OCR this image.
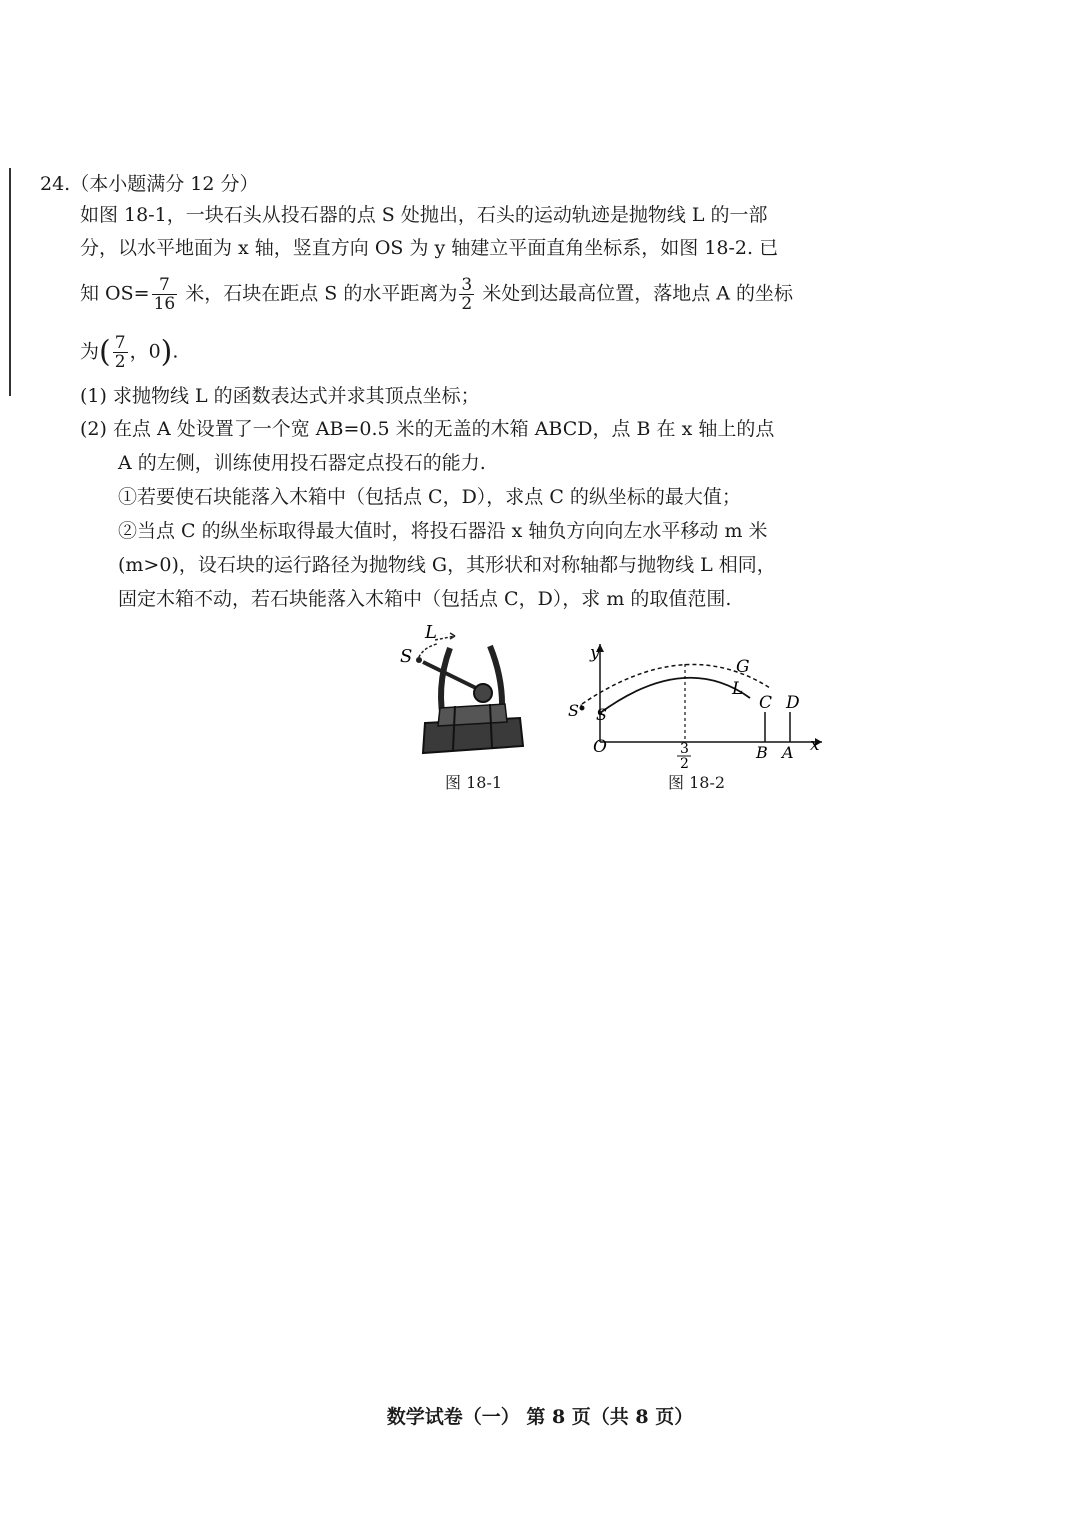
24.（本小题满分 12 分）
如图 18-1，一块石头从投石器的点 S 处抛出，石头的运动轨迹是抛物线 L 的一部
分，以水平地面为 x 轴，竖直方向 OS 为 y 轴建立平面直角坐标系，如图 18-2. 已
知 $OS= \frac{7}{16}$ 米，石块在距点 S 的水平距离为 $\frac{3}{2}$ 米处到达最高位置，落地点 A 的坐标
为( $\frac{7}{2}$ ，0).
(1) 求抛物线 L 的函数表达式并求其顶点坐标；
(2) 在点 A 处设置了一个宽 AB=0.5 米的无盖的木箱 ABCD，点 B 在 x 轴上的点
A 的左侧，训练使用投石器定点投石的能力.
①若要使石块能落入木箱中（包括点 C，D），求点 C 的纵坐标的最大值；
②当点 C 的纵坐标取得最大值时，将投石器沿 x 轴负方向向左水平移动 m 米
(m>0)，设石块的运行路径为抛物线 G，其形状和对称轴都与抛物线 L 相同，
固定木箱不动，若石块能落入木箱中（包括点 C，D），求 m 的取值范围.
L
S
图 18-1
y
x
O
S' S
G
L
C D
B A
3
2
图 18-2
数学试卷（一） 第 8 页（共 8 页）
